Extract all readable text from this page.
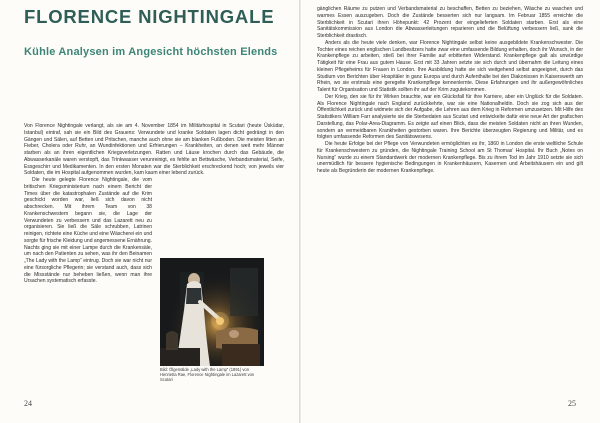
FLORENCE NIGHTINGALE
Kühle Analysen im Angesicht höchsten Elends

Von Florence Nightingale verlangt, als sie am 4. November 1854 im Militärhospital in Scutari (heute Üsküdar, Istanbul) eintraf, sah sie ein Bild des Grauens: Verwundete und kranke Soldaten lagen dicht gedrängt in den Gängen und Sälen, auf Betten und Pritschen, manche auch ohne sie am blanken Fußboden. Die meisten litten an Fieber, Cholera oder Ruhr, an Wundinfektionen und Erfrierungen – Krankheiten, an denen weit mehr Männer starben als an ihren eigentlichen Kriegsverletzungen. Ratten und Läuse krochen durch das Gebäude, die Abwasserkanäle waren verstopft, das Trinkwasser verunreinigt, es fehlte an Bettwäsche, Verbandsmaterial, Seife, Essgeschirr und Medikamenten. In den ersten Monaten war die Sterblichkeit erschreckend hoch; von jeweils vier Soldaten, die im Hospital aufgenommen wurden, kam kaum einer lebend zurück.

Die heute gelegte Florence Nightingale, die vom britischen Kriegsministerium nach einem Bericht der Times über die katastrophalen Zustände auf die Krim geschickt worden war, ließ sich davon nicht abschrecken. Mit ihrem Team von 38 Krankenschwestern begann sie, die Lage der Verwundeten zu verbessern und das Lazarett neu zu organisieren. Sie ließ die Säle schrubben, Latrinen reinigen, richtete eine Küche und eine Wäscherei ein und sorgte für frische Kleidung und angemessene Ernährung. Nachts ging sie mit einer Lampe durch die Krankensäle, um nach den Patienten zu sehen, was ihr den Beinamen „The Lady with the Lamp“ eintrug. Doch sie war nicht nur eine fürsorgliche Pflegerin; sie verstand auch, dass sich die Missstände nur beheben ließen, wenn man ihre Ursachen systematisch erfasste.

Bild: Ölgemälde „Lady with the Lamp“ (1891) von Henrietta Rae, Florence Nightingale im Lazarett von Scutari
24

gänglichen Räume zu putzen und Verbandsmaterial zu beschaffen, Betten zu beziehen, Wäsche zu waschen und warmes Essen auszugeben. Doch die Zustände besserten sich nur langsam. Im Februar 1855 erreichte die Sterblichkeit in Scutari ihren Höhepunkt: 42 Prozent der eingelieferten Soldaten starben. Erst als eine Sanitätskommission aus London die Abwasserleitungen reparieren und die Belüftung verbessern ließ, sank die Sterblichkeit drastisch.

Anders als die heute viele denken, war Florence Nightingale selbst keine ausgebildete Krankenschwester. Die Tochter eines reichen englischen Landbesitzers hatte zwar eine umfassende Bildung erhalten, doch ihr Wunsch, in der Krankenpflege zu arbeiten, stieß bei ihrer Familie auf erbitterten Widerstand. Krankenpflege galt als unwürdige Tätigkeit für eine Frau aus gutem Hause. Erst mit 33 Jahren setzte sie sich durch und übernahm die Leitung eines kleinen Pflegeheims für Frauen in London. Ihre Ausbildung hatte sie sich weitgehend selbst angeeignet, durch das Studium von Berichten über Hospitäler in ganz Europa und durch Aufenthalte bei den Diakonissen in Kaiserswerth am Rhein, wo sie erstmals eine geregelte Krankenpflege kennenlernte. Diese Erfahrungen und ihr außergewöhnliches Talent für Organisation und Statistik sollten ihr auf der Krim zugutekommen.

Der Krieg, den sie für ihr Wirken brauchte, war ein Glücksfall für ihre Karriere, aber ein Unglück für die Soldaten. Als Florence Nightingale nach England zurückkehrte, war sie eine Nationalheldin. Doch sie zog sich aus der Öffentlichkeit zurück und widmete sich der Aufgabe, die Lehren aus dem Krieg in Reformen umzusetzen. Mit Hilfe des Statistikers William Farr analysierte sie die Sterbedaten aus Scutari und entwickelte dafür eine neue Art der grafischen Darstellung, das Polar-Area-Diagramm. Es zeigte auf einen Blick, dass die meisten Soldaten nicht an ihren Wunden, sondern an vermeidbaren Krankheiten gestorben waren. Ihre Berichte überzeugten Regierung und Militär, und es folgten umfassende Reformen des Sanitätswesens.

Die heute Erfolge bei der Pflege von Verwundeten ermöglichten es ihr, 1860 in London die erste weltliche Schule für Krankenschwestern zu gründen, die Nightingale Training School am St Thomas’ Hospital. Ihr Buch „Notes on Nursing“ wurde zu einem Standardwerk der modernen Krankenpflege. Bis zu ihrem Tod im Jahr 1910 setzte sie sich unermüdlich für bessere hygienische Bedingungen in Krankenhäusern, Kasernen und Arbeitshäusern ein und gilt heute als Begründerin der modernen Krankenpflege.

25
